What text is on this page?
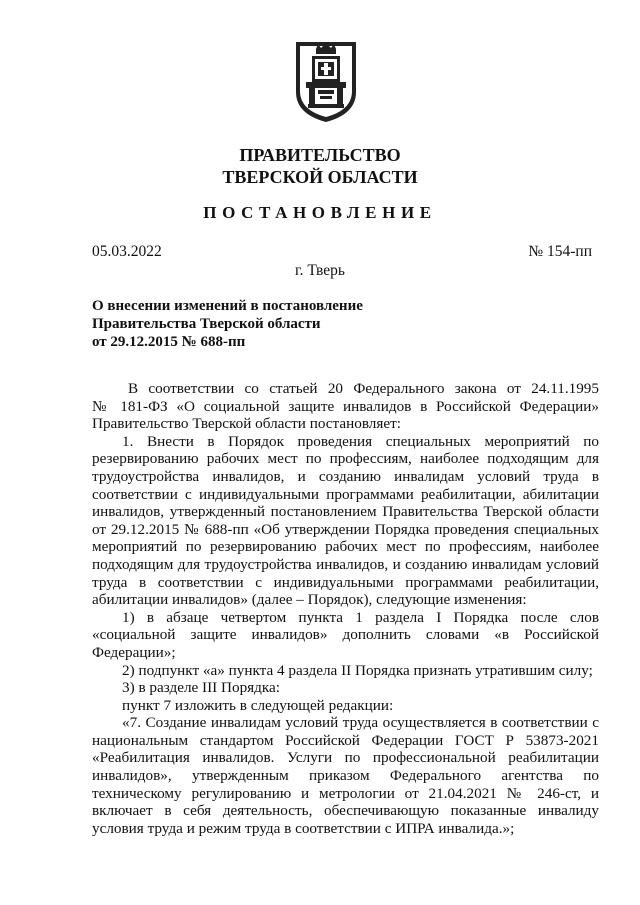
ПРАВИТЕЛЬСТВО
ТВЕРСКОЙ ОБЛАСТИ
ПОСТАНОВЛЕНИЕ
05.03.2022	№ 154-пп
г. Тверь
О внесении изменений в постановление
Правительства Тверской области
от 29.12.2015 № 688-пп

В соответствии со статьей 20 Федерального закона от 24.11.1995

№ 181-ФЗ «О социальной защите инвалидов в Российской Федерации»

Правительство Тверской области постановляет:

1. Внести в Порядок проведения специальных мероприятий по

резервированию рабочих мест по профессиям, наиболее подходящим для

трудоустройства инвалидов, и созданию инвалидам условий труда в

соответствии с индивидуальными программами реабилитации, абилитации

инвалидов, утвержденный постановлением Правительства Тверской области

от 29.12.2015 № 688-пп «Об утверждении Порядка проведения специальных

мероприятий по резервированию рабочих мест по профессиям, наиболее

подходящим для трудоустройства инвалидов, и созданию инвалидам условий

труда в соответствии с индивидуальными программами реабилитации,

абилитации инвалидов» (далее – Порядок), следующие изменения:

1) в абзаце четвертом пункта 1 раздела I Порядка после слов

«социальной защите инвалидов» дополнить словами «в Российской

Федерации»;

2) подпункт «а» пункта 4 раздела II Порядка признать утратившим силу;

3) в разделе III Порядка:

пункт 7 изложить в следующей редакции:

«7. Создание инвалидам условий труда осуществляется в соответствии с

национальным стандартом Российской Федерации ГОСТ Р 53873-2021

«Реабилитация инвалидов. Услуги по профессиональной реабилитации

инвалидов», утвержденным приказом Федерального агентства по

техническому регулированию и метрологии от 21.04.2021 № 246-ст, и

включает в себя деятельность, обеспечивающую показанные инвалиду

условия труда и режим труда в соответствии с ИПРА инвалида.»;
